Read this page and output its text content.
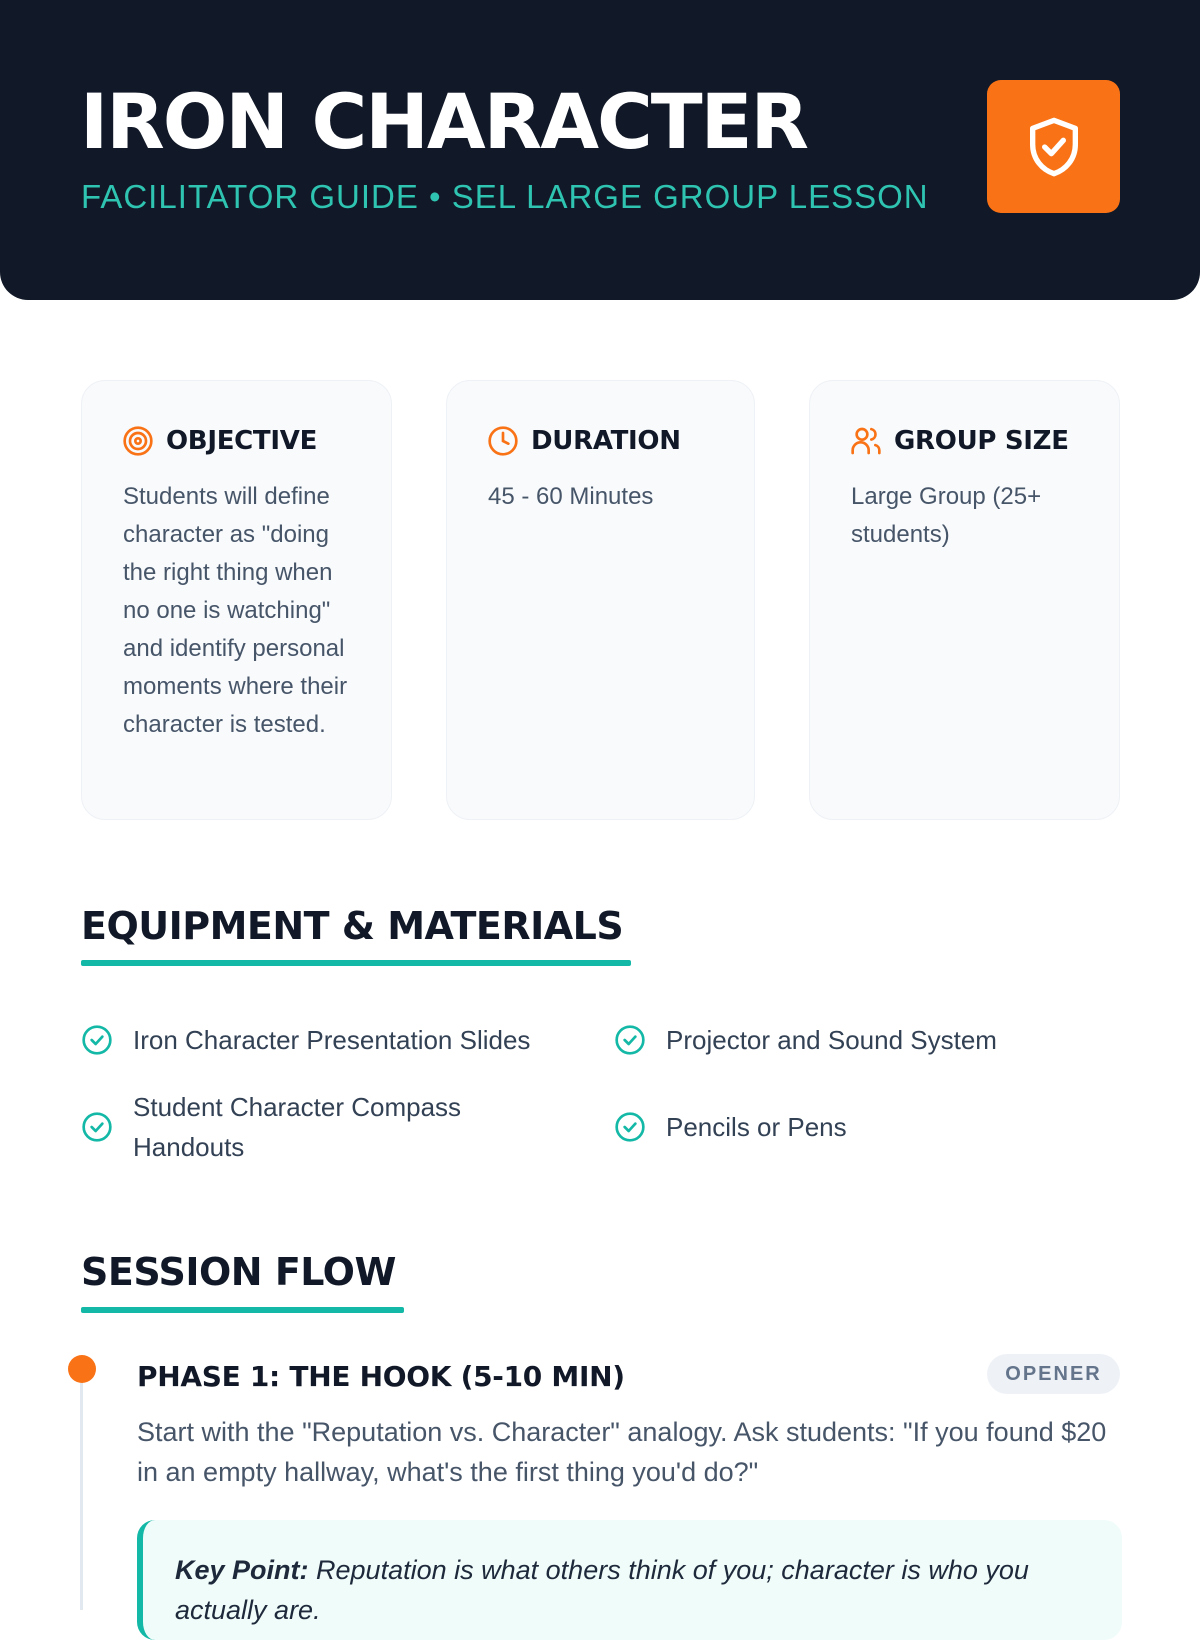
IRON CHARACTER
FACILITATOR GUIDE • SEL LARGE GROUP LESSON
OBJECTIVE
Students will define character as "doing the right thing when no one is watching" and identify personal moments where their character is tested.
DURATION
45 - 60 Minutes
GROUP SIZE
Large Group (25+ students)
EQUIPMENT & MATERIALS
Iron Character Presentation Slides	Projector and Sound System
Student Character Compass Handouts
Pencils or Pens
SESSION FLOW
PHASE 1: THE HOOK (5-10 MIN)	OPENER
Start with the "Reputation vs. Character" analogy. Ask students: "If you found $20 in an empty hallway, what's the first thing you'd do?"
Key Point: Reputation is what others think of you; character is who you actually are.
